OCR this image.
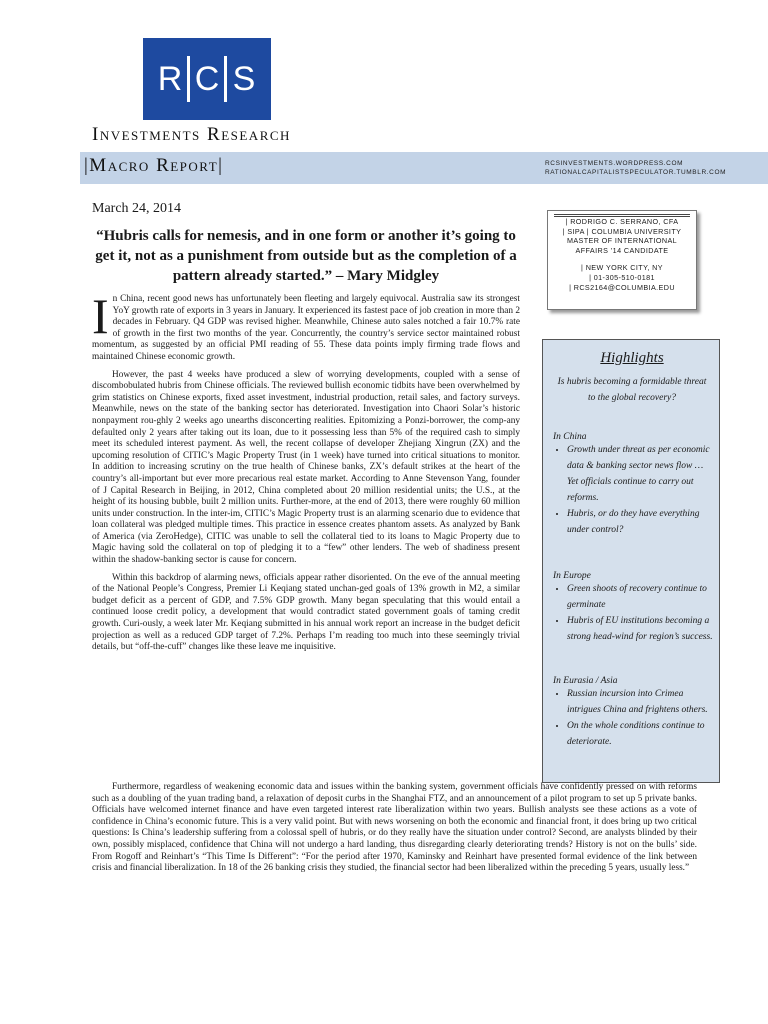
R C S
Investments Research
|Macro Report|	RCSINVESTMENTS.WORDPRESS.COM
RATIONALCAPITALISTSPECULATOR.TUMBLR.COM
March 24, 2014
“Hubris calls for nemesis, and in one form or another it’s going to get it, not as a punishment from outside but as the completion of a pattern already started.” – Mary Midgley
| RODRIGO C. SERRANO, CFA
| SIPA | COLUMBIA UNIVERSITY
MASTER OF INTERNATIONAL
AFFAIRS ’14 CANDIDATE
| NEW YORK CITY, NY
| 01-305-510-0181
| RCS2164@COLUMBIA.EDU
Highlights
Is hubris becoming a formidable threat to the global recovery?
In China
• Growth under threat as per economic data & banking sector news flow …Yet officials continue to carry out reforms.
• Hubris, or do they have everything under control?
In Europe
• Green shoots of recovery continue to germinate
• Hubris of EU institutions becoming a strong head-wind for region’s success.
In Eurasia / Asia
• Russian incursion into Crimea intrigues China and frightens others.
• On the whole conditions continue to deteriorate.

In China, recent good news has unfortunately been fleeting and largely equivocal. Australia saw its strongest YoY growth rate of exports in 3 years in January. It experienced its fastest pace of job creation in more than 2 decades in February. Q4 GDP was revised higher. Meanwhile, Chinese auto sales notched a fair 10.7% rate of growth in the first two months of the year. Concurrently, the country’s service sector maintained robust momentum, as suggested by an official PMI reading of 55. These data points imply firming trade flows and maintained Chinese economic growth.

However, the past 4 weeks have produced a slew of worrying developments, coupled with a sense of discombobulated hubris from Chinese officials. The reviewed bullish economic tidbits have been overwhelmed by grim statistics on Chinese exports, fixed asset investment, industrial production, retail sales, and factory surveys. Meanwhile, news on the state of the banking sector has deteriorated. Investigation into Chaori Solar’s historic nonpayment rou-ghly 2 weeks ago unearths disconcerting realities. Epitomizing a Ponzi-borrower, the comp-any defaulted only 2 years after taking out its loan, due to it possessing less than 5% of the required cash to simply meet its scheduled interest payment. As well, the recent collapse of developer Zhejiang Xingrun (ZX) and the upcoming resolution of CITIC’s Magic Property Trust (in 1 week) have turned into critical situations to monitor. In addition to increasing scrutiny on the true health of Chinese banks, ZX’s default strikes at the heart of the country’s all-important but ever more precarious real estate market. According to Anne Stevenson Yang, founder of J Capital Research in Beijing, in 2012, China completed about 20 million residential units; the U.S., at the height of its housing bubble, built 2 million units. Further-more, at the end of 2013, there were roughly 60 million units under construction. In the inter-im, CITIC’s Magic Property trust is an alarming scenario due to evidence that loan collateral was pledged multiple times. This practice in essence creates phantom assets. As analyzed by Bank of America (via ZeroHedge), CITIC was unable to sell the collateral tied to its loans to Magic Property due to Magic having sold the collateral on top of pledging it to a “few” other lenders. The web of shadiness present within the shadow-banking sector is cause for concern.

Within this backdrop of alarming news, officials appear rather disoriented. On the eve of the annual meeting of the National People’s Congress, Premier Li Keqiang stated unchan-ged goals of 13% growth in M2, a similar budget deficit as a percent of GDP, and 7.5% GDP growth. Many began speculating that this would entail a continued loose credit policy, a development that would contradict stated government goals of taming credit growth. Curi-ously, a week later Mr. Keqiang submitted in his annual work report an increase in the budget deficit projection as well as a reduced GDP target of 7.2%. Perhaps I’m reading too much into these seemingly trivial details, but “off-the-cuff” changes like these leave me inquisitive.

Furthermore, regardless of weakening economic data and issues within the banking system, government officials have confidently pressed on with reforms such as a doubling of the yuan trading band, a relaxation of deposit curbs in the Shanghai FTZ, and an announcement of a pilot program to set up 5 private banks. Officials have welcomed internet finance and have even targeted interest rate liberalization within two years. Bullish analysts see these actions as a vote of confidence in China’s economic future. This is a very valid point. But with news worsening on both the economic and financial front, it does bring up two critical questions: Is China’s leadership suffering from a colossal spell of hubris, or do they really have the situation under control? Second, are analysts blinded by their own, possibly misplaced, confidence that China will not undergo a hard landing, thus disregarding clearly deteriorating trends? History is not on the bulls’ side. From Rogoff and Reinhart’s “This Time Is Different”: “For the period after 1970, Kaminsky and Reinhart have presented formal evidence of the link between crisis and financial liberalization. In 18 of the 26 banking crisis they studied, the financial sector had been liberalized within the preceding 5 years, usually less.”
